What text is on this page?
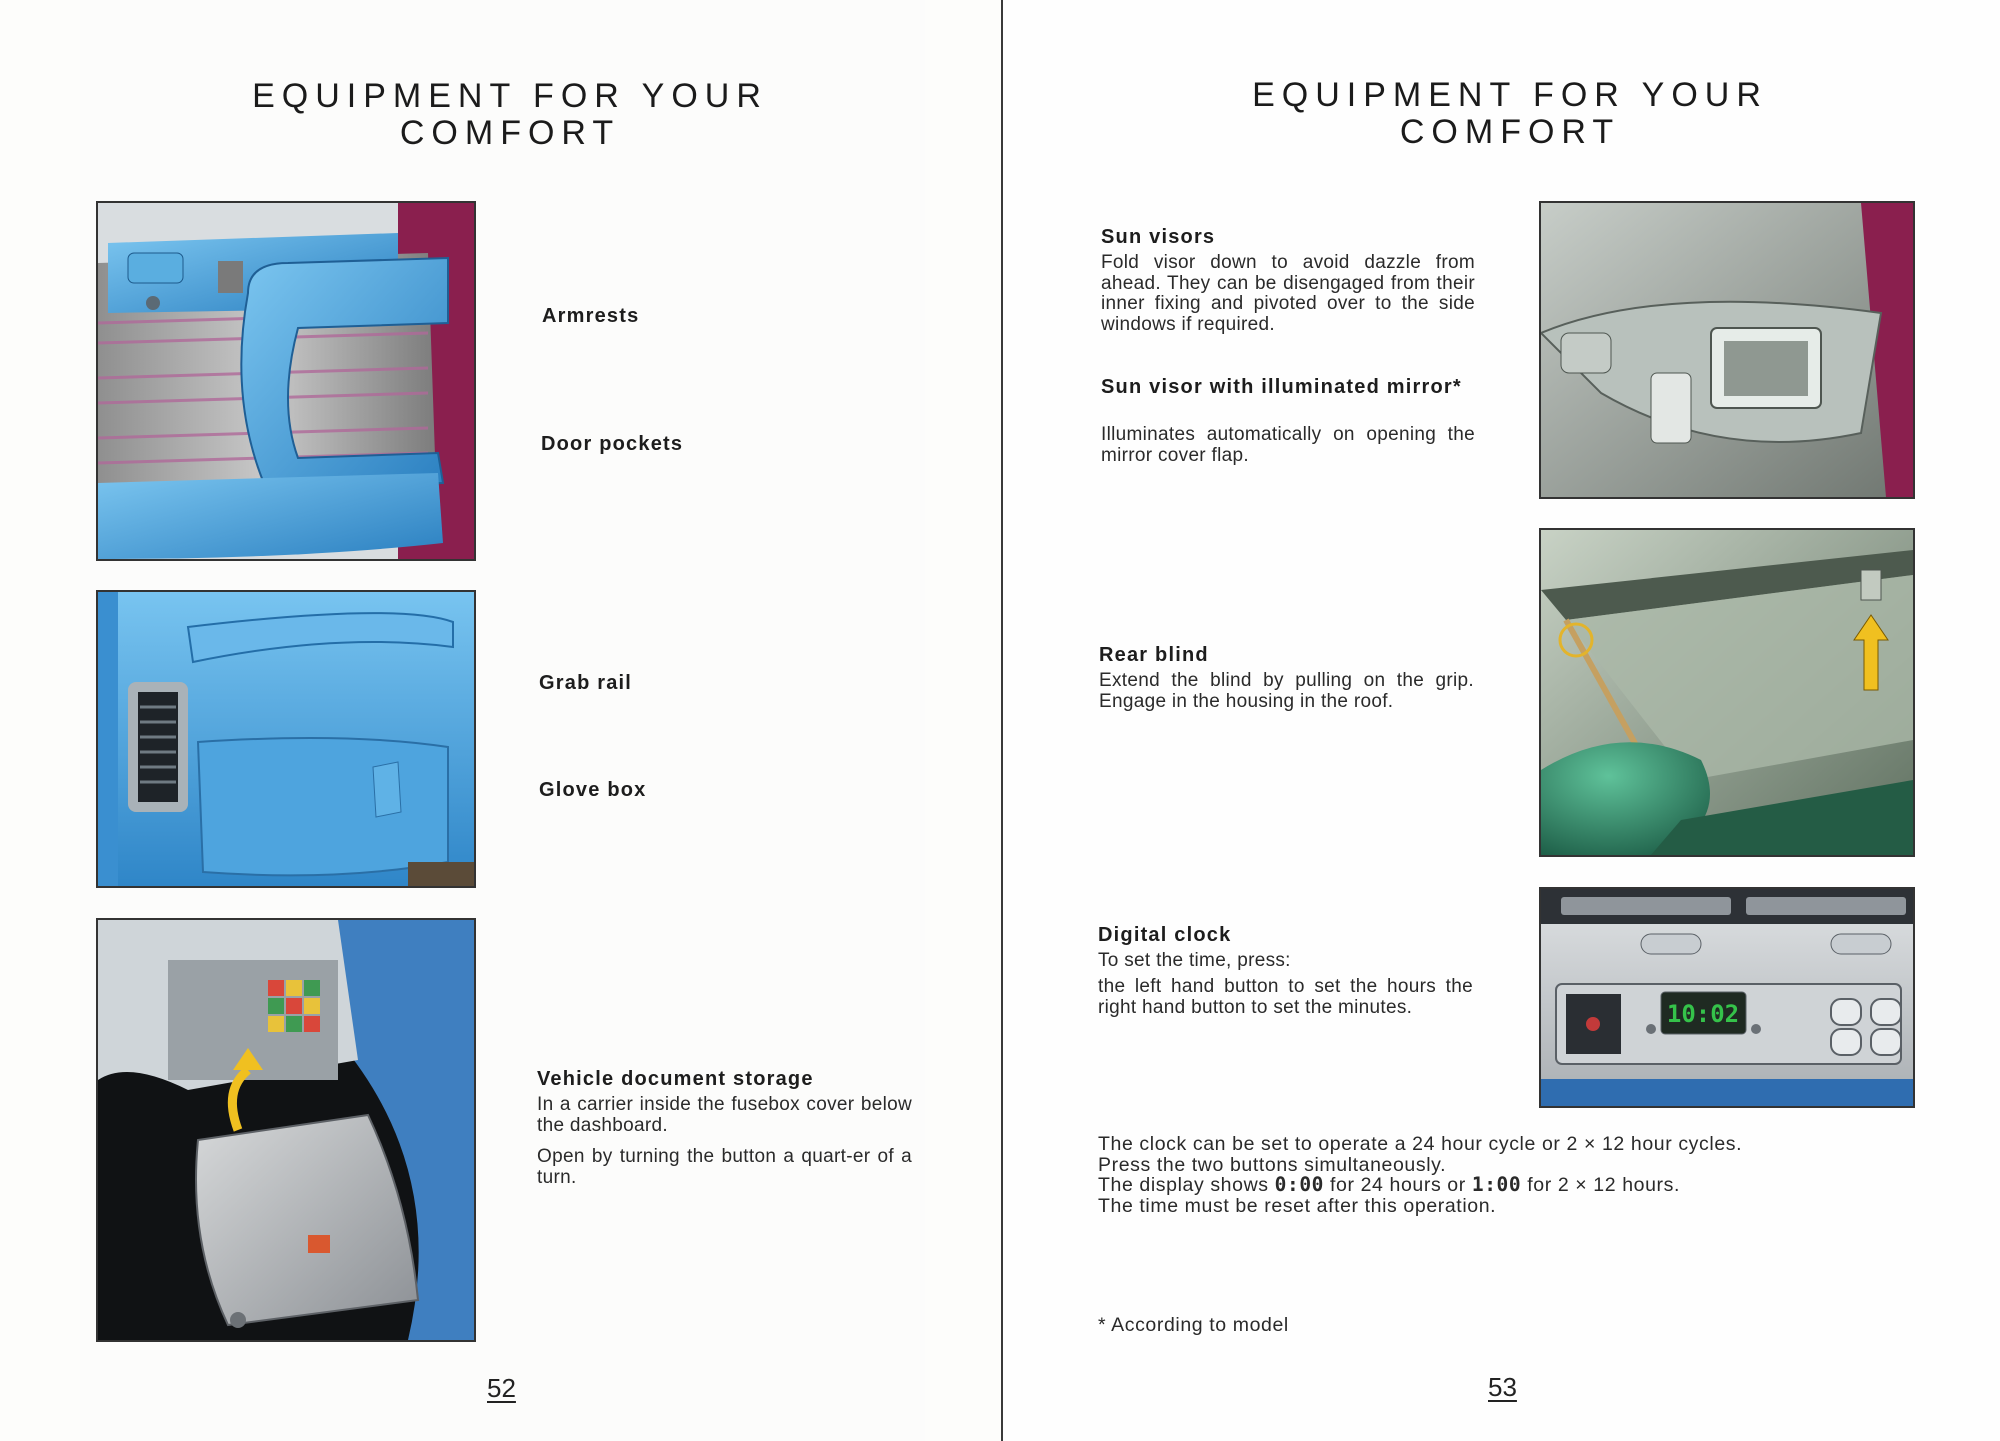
EQUIPMENT FOR YOUR
COMFORT
Armrests
Door pockets
Grab rail
Glove box
Vehicle document storage
In a carrier inside the fusebox cover below the dashboard.
Open by turning the button a quart-er of a turn.
52
EQUIPMENT FOR YOUR
COMFORT
Sun visors
Fold visor down to avoid dazzle from ahead. They can be disengaged from their inner fixing and pivoted over to the side windows if required.
Sun visor with illuminated mirror*
Illuminates automatically on opening the mirror cover flap.
Rear blind
Extend the blind by pulling on the grip. Engage in the housing in the roof.
Digital clock
To set the time, press:
the left hand button to set the hours the right hand button to set the minutes.	10:02

The clock can be set to operate a 24 hour cycle or 2 × 12 hour cycles.

Press the two buttons simultaneously.

The display shows 0:00 for 24 hours or 1:00 for 2 × 12 hours.

The time must be reset after this operation.

* According to model
53
